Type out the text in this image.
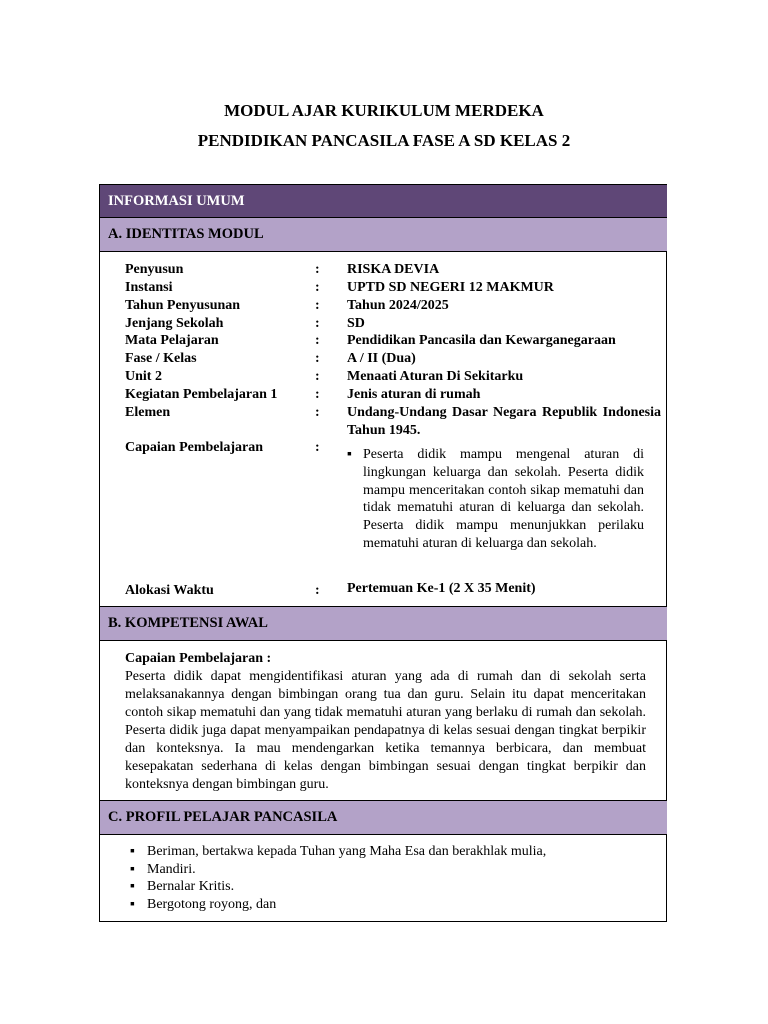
MODUL AJAR KURIKULUM MERDEKA
PENDIDIKAN PANCASILA FASE A SD KELAS 2
INFORMASI UMUM
A. IDENTITAS MODUL
Penyusun	: RISKA DEVIA
Instansi	: UPTD SD NEGERI 12 MAKMUR
Tahun Penyusunan	: Tahun 2024/2025
Jenjang Sekolah	: SD
Mata Pelajaran	: Pendidikan Pancasila dan Kewarganegaraan
Fase / Kelas	: A / II (Dua)
Unit 2	: Menaati Aturan Di Sekitarku
Kegiatan Pembelajaran 1	: Jenis aturan di rumah
Elemen	: Undang-Undang Dasar Negara Republik Indonesia Tahun 1945.
Capaian Pembelajaran	: ▪ Peserta didik mampu mengenal aturan di lingkungan keluarga dan sekolah. Peserta didik mampu menceritakan contoh sikap mematuhi dan tidak mematuhi aturan di keluarga dan sekolah. Peserta didik mampu menunjukkan perilaku mematuhi aturan di keluarga dan sekolah.
Alokasi Waktu	: Pertemuan Ke-1 (2 X 35 Menit)
B. KOMPETENSI AWAL
Capaian Pembelajaran :
Peserta didik dapat mengidentifikasi aturan yang ada di rumah dan di sekolah serta melaksanakannya dengan bimbingan orang tua dan guru. Selain itu dapat menceritakan contoh sikap mematuhi dan yang tidak mematuhi aturan yang berlaku di rumah dan sekolah. Peserta didik juga dapat menyampaikan pendapatnya di kelas sesuai dengan tingkat berpikir dan konteksnya. Ia mau mendengarkan ketika temannya berbicara, dan membuat kesepakatan sederhana di kelas dengan bimbingan sesuai dengan tingkat berpikir dan konteksnya dengan bimbingan guru.
C. PROFIL PELAJAR PANCASILA
▪ Beriman, bertakwa kepada Tuhan yang Maha Esa dan berakhlak mulia,
▪ Mandiri.
▪ Bernalar Kritis.
▪ Bergotong royong, dan
